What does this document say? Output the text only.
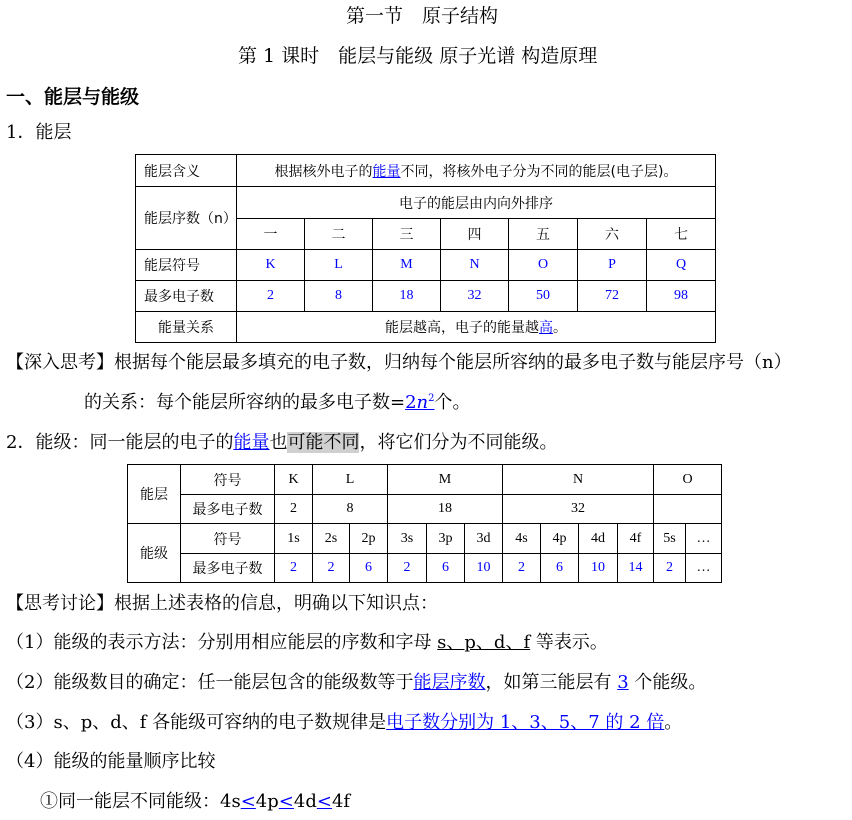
第一节　原子结构
第 1 课时　能层与能级 原子光谱 构造原理
一、能层与能级
1．能层
能层含义	根据核外电子的能量不同，将核外电子分为不同的能层(电子层)。						
能层序数（n）	电子的能层由内向外排序						
	一	二	三	四	五	六	七
能层符号	K	L	M	N	O	P	Q
最多电子数	2	8	18	32	50	72	98
能量关系	能层越高，电子的能量越高。						
【深入思考】根据每个能层最多填充的电子数，归纳每个能层所容纳的最多电子数与能层序号（n）
的关系：每个能层所容纳的最多电子数$=2n^2$个。
2．能级：同一能层的电子的能量也可能不同，将它们分为不同能级。
能层	符号	K	L		M			N				O	
	最多电子数	2	8		18			32					
能级	符号	1s	2s	2p	3s	3p	3d	4s	4p	4d	4f	5s	…
	最多电子数	2	2	6	2	6	10	2	6	10	14	2	…
【思考讨论】根据上述表格的信息，明确以下知识点：
（1）能级的表示方法：分别用相应能层的序数和字母 s、p、d、f 等表示。
（2）能级数目的确定：任一能层包含的能级数等于能层序数，如第三能层有 3 个能级。
（3）s、p、d、f 各能级可容纳的电子数规律是电子数分别为 1、3、5、7 的 2 倍。
（4）能级的能量顺序比较
①同一能层不同能级：4s<4p<4d<4f
